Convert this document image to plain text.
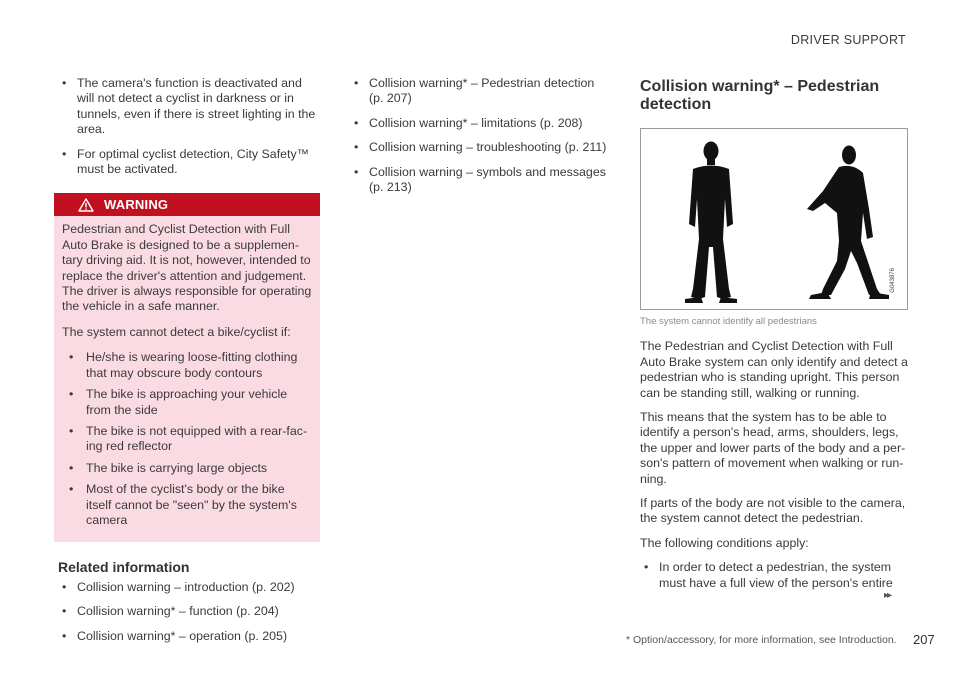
DRIVER SUPPORT
• The camera's function is deactivated and will not detect a cyclist in darkness or in tunnels, even if there is street lighting in the area.
• For optimal cyclist detection, City Safety™ must be activated.
WARNING

Pedestrian and Cyclist Detection with Full Auto Brake is designed to be a supplemen- tary driving aid. It is not, however, intended to replace the driver's attention and judgement. The driver is always responsible for operating the vehicle in a safe manner.

The system cannot detect a bike/cyclist if:

• He/she is wearing loose-fitting clothing that may obscure body contours
• The bike is approaching your vehicle from the side
• The bike is not equipped with a rear-fac- ing red reflector
• The bike is carrying large objects
• Most of the cyclist's body or the bike itself cannot be "seen" by the system's camera
Related information
• Collision warning – introduction (p. 202)
• Collision warning* – function (p. 204)
• Collision warning* – operation (p. 205)
• Collision warning* – Pedestrian detection (p. 207)
• Collision warning* – limitations (p. 208)
• Collision warning – troubleshooting (p. 211)
• Collision warning – symbols and messages (p. 213)
Collision warning* – Pedestrian detection
G043876
The system cannot identify all pedestrians

The Pedestrian and Cyclist Detection with Full Auto Brake system can only identify and detect a pedestrian who is standing upright. This person can be standing still, walking or running.

This means that the system has to be able to identify a person's head, arms, shoulders, legs, the upper and lower parts of the body and a per- son's pattern of movement when walking or run- ning.

If parts of the body are not visible to the camera, the system cannot detect the pedestrian.

The following conditions apply:

• In order to detect a pedestrian, the system must have a full view of the person's entire
▸▸
* Option/accessory, for more information, see Introduction. 207
